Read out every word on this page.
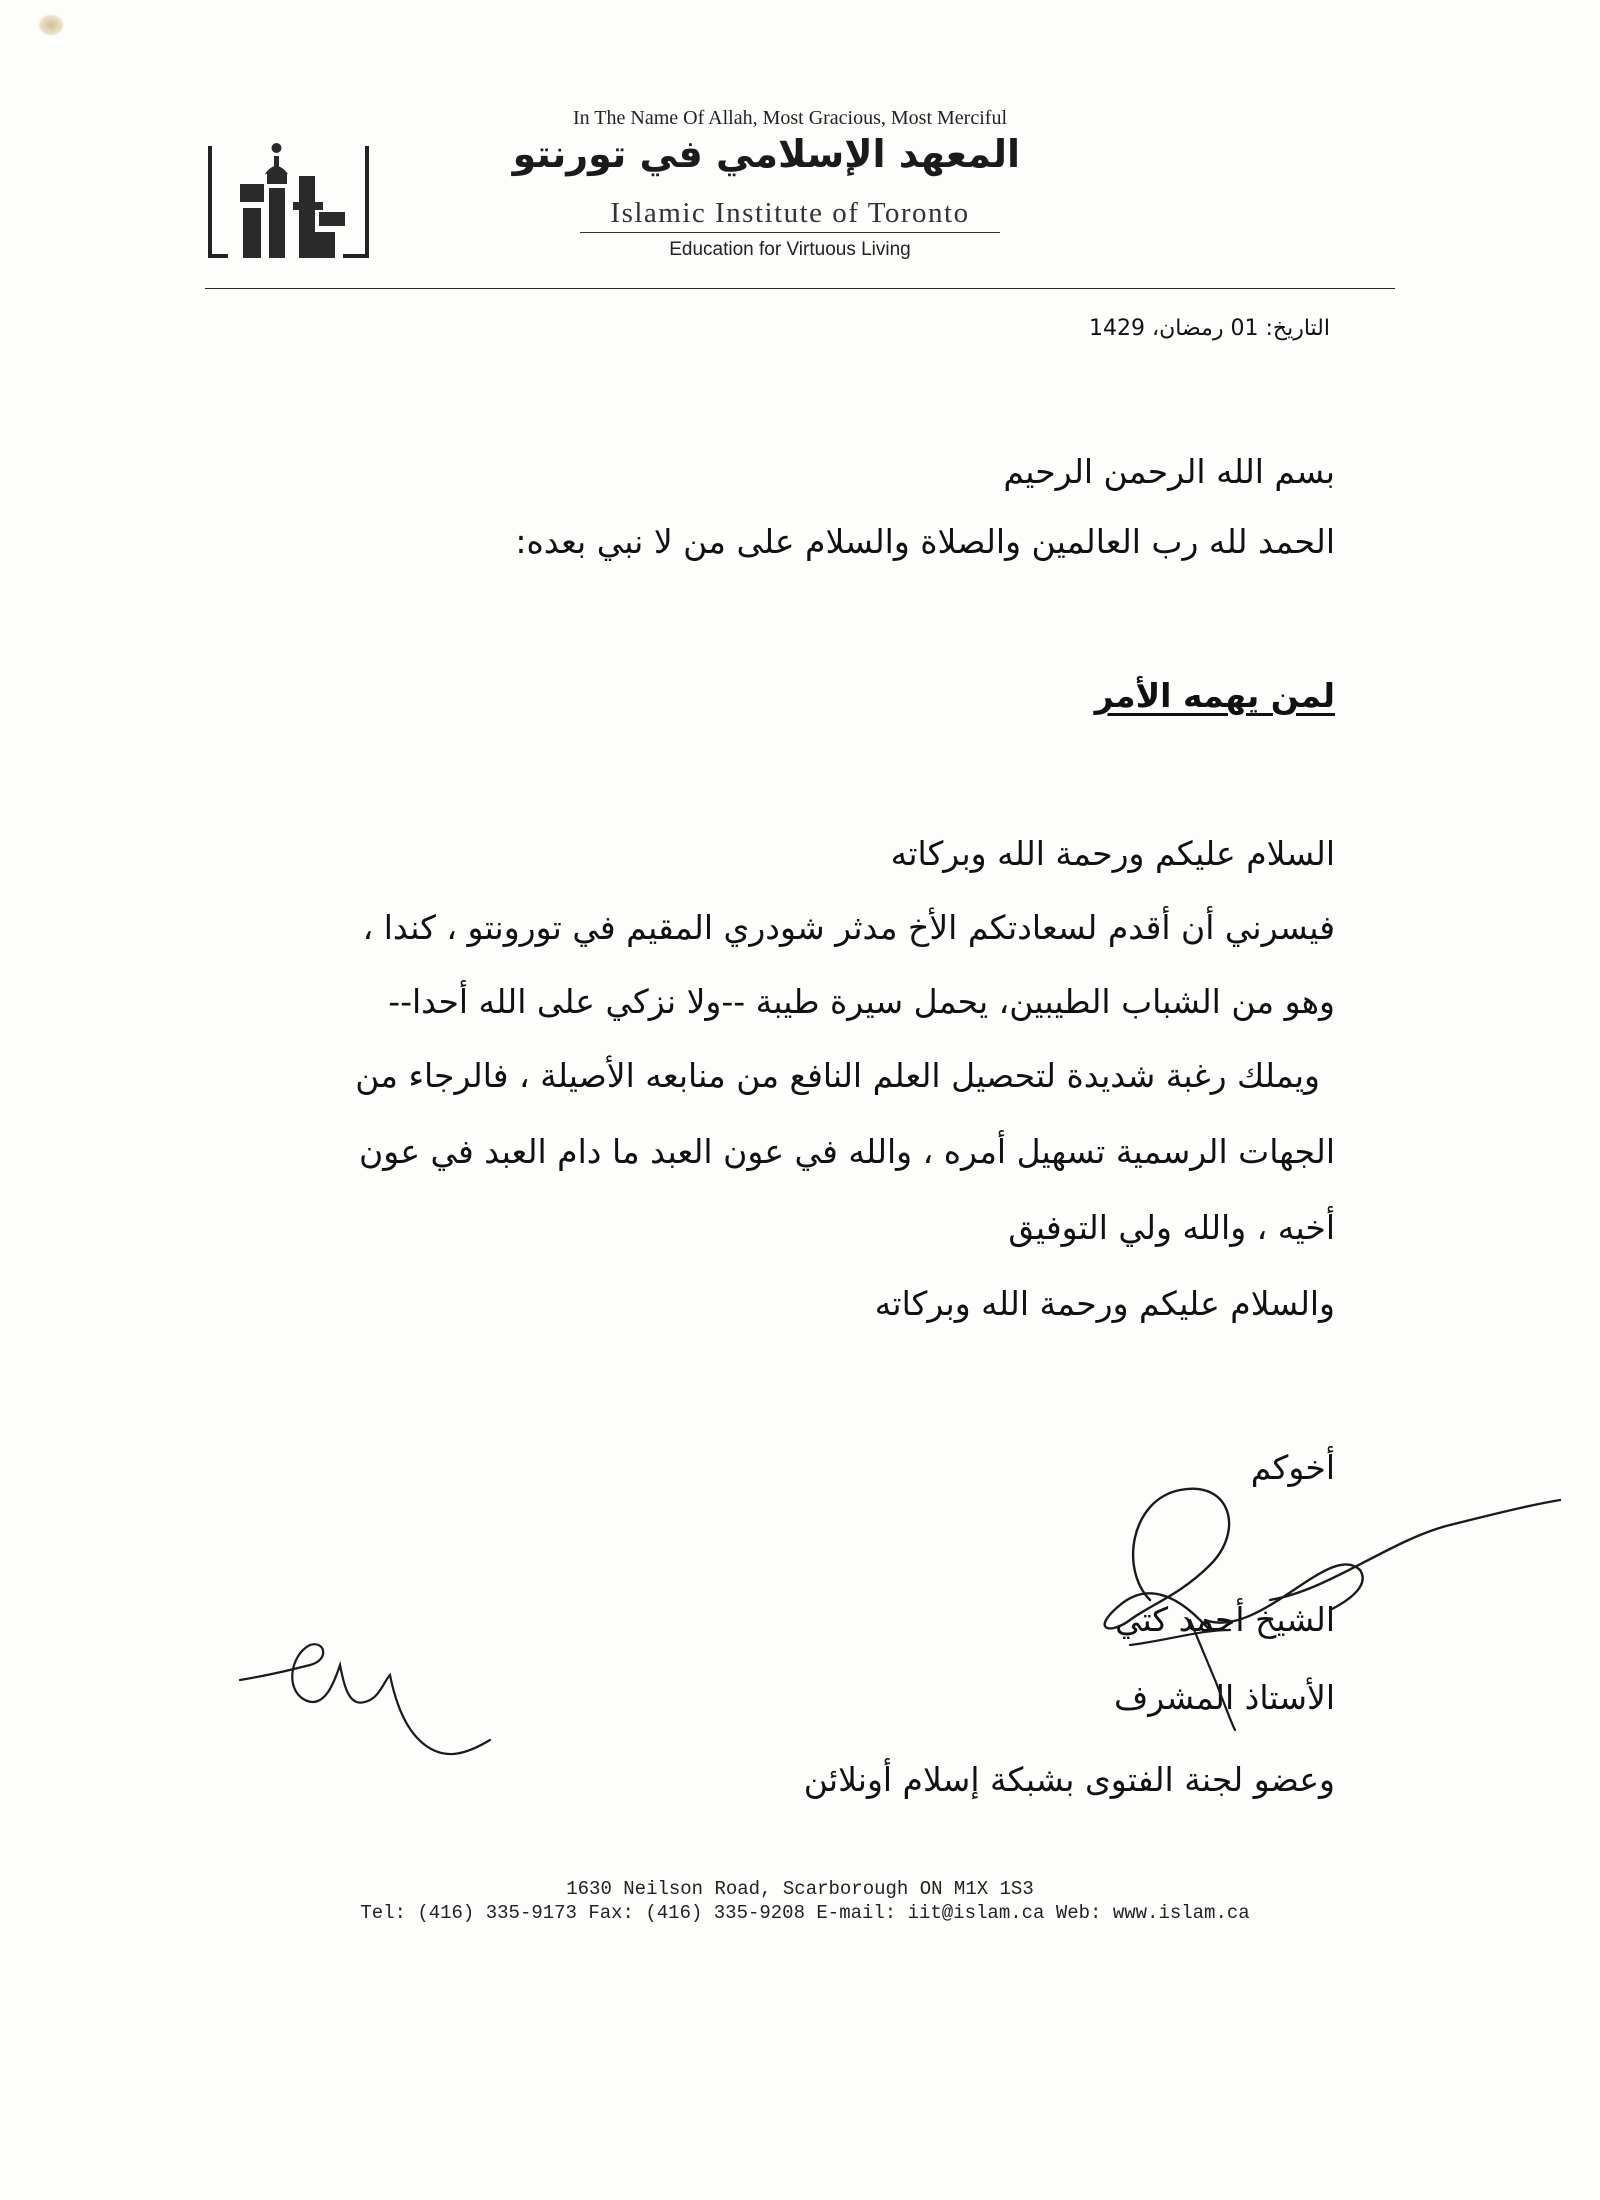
In The Name Of Allah, Most Gracious, Most Merciful
المعهد الإسلامي في تورنتو
Islamic Institute of Toronto
Education for Virtuous Living
التاريخ: 01 رمضان، 1429
بسم الله الرحمن الرحيم
الحمد لله رب العالمين والصلاة والسلام على من لا نبي بعده:
لمن يهمه الأمر
السلام عليكم ورحمة الله وبركاته
فيسرني أن أقدم لسعادتكم الأخ مدثر شودري المقيم في تورونتو ، كندا ،
وهو من الشباب الطيبين، يحمل سيرة طيبة --ولا نزكي على الله أحدا--
ويملك رغبة شديدة لتحصيل العلم النافع من منابعه الأصيلة ، فالرجاء من
الجهات الرسمية تسهيل أمره ، والله في عون العبد ما دام العبد في عون
أخيه ، والله ولي التوفيق
والسلام عليكم ورحمة الله وبركاته
أخوكم
الشيخ أحمد كتي
الأستاذ المشرف
وعضو لجنة الفتوى بشبكة إسلام أونلائن
1630 Neilson Road, Scarborough ON M1X 1S3
Tel: (416) 335-9173 Fax: (416) 335-9208 E-mail: iit@islam.ca Web: www.islam.ca
